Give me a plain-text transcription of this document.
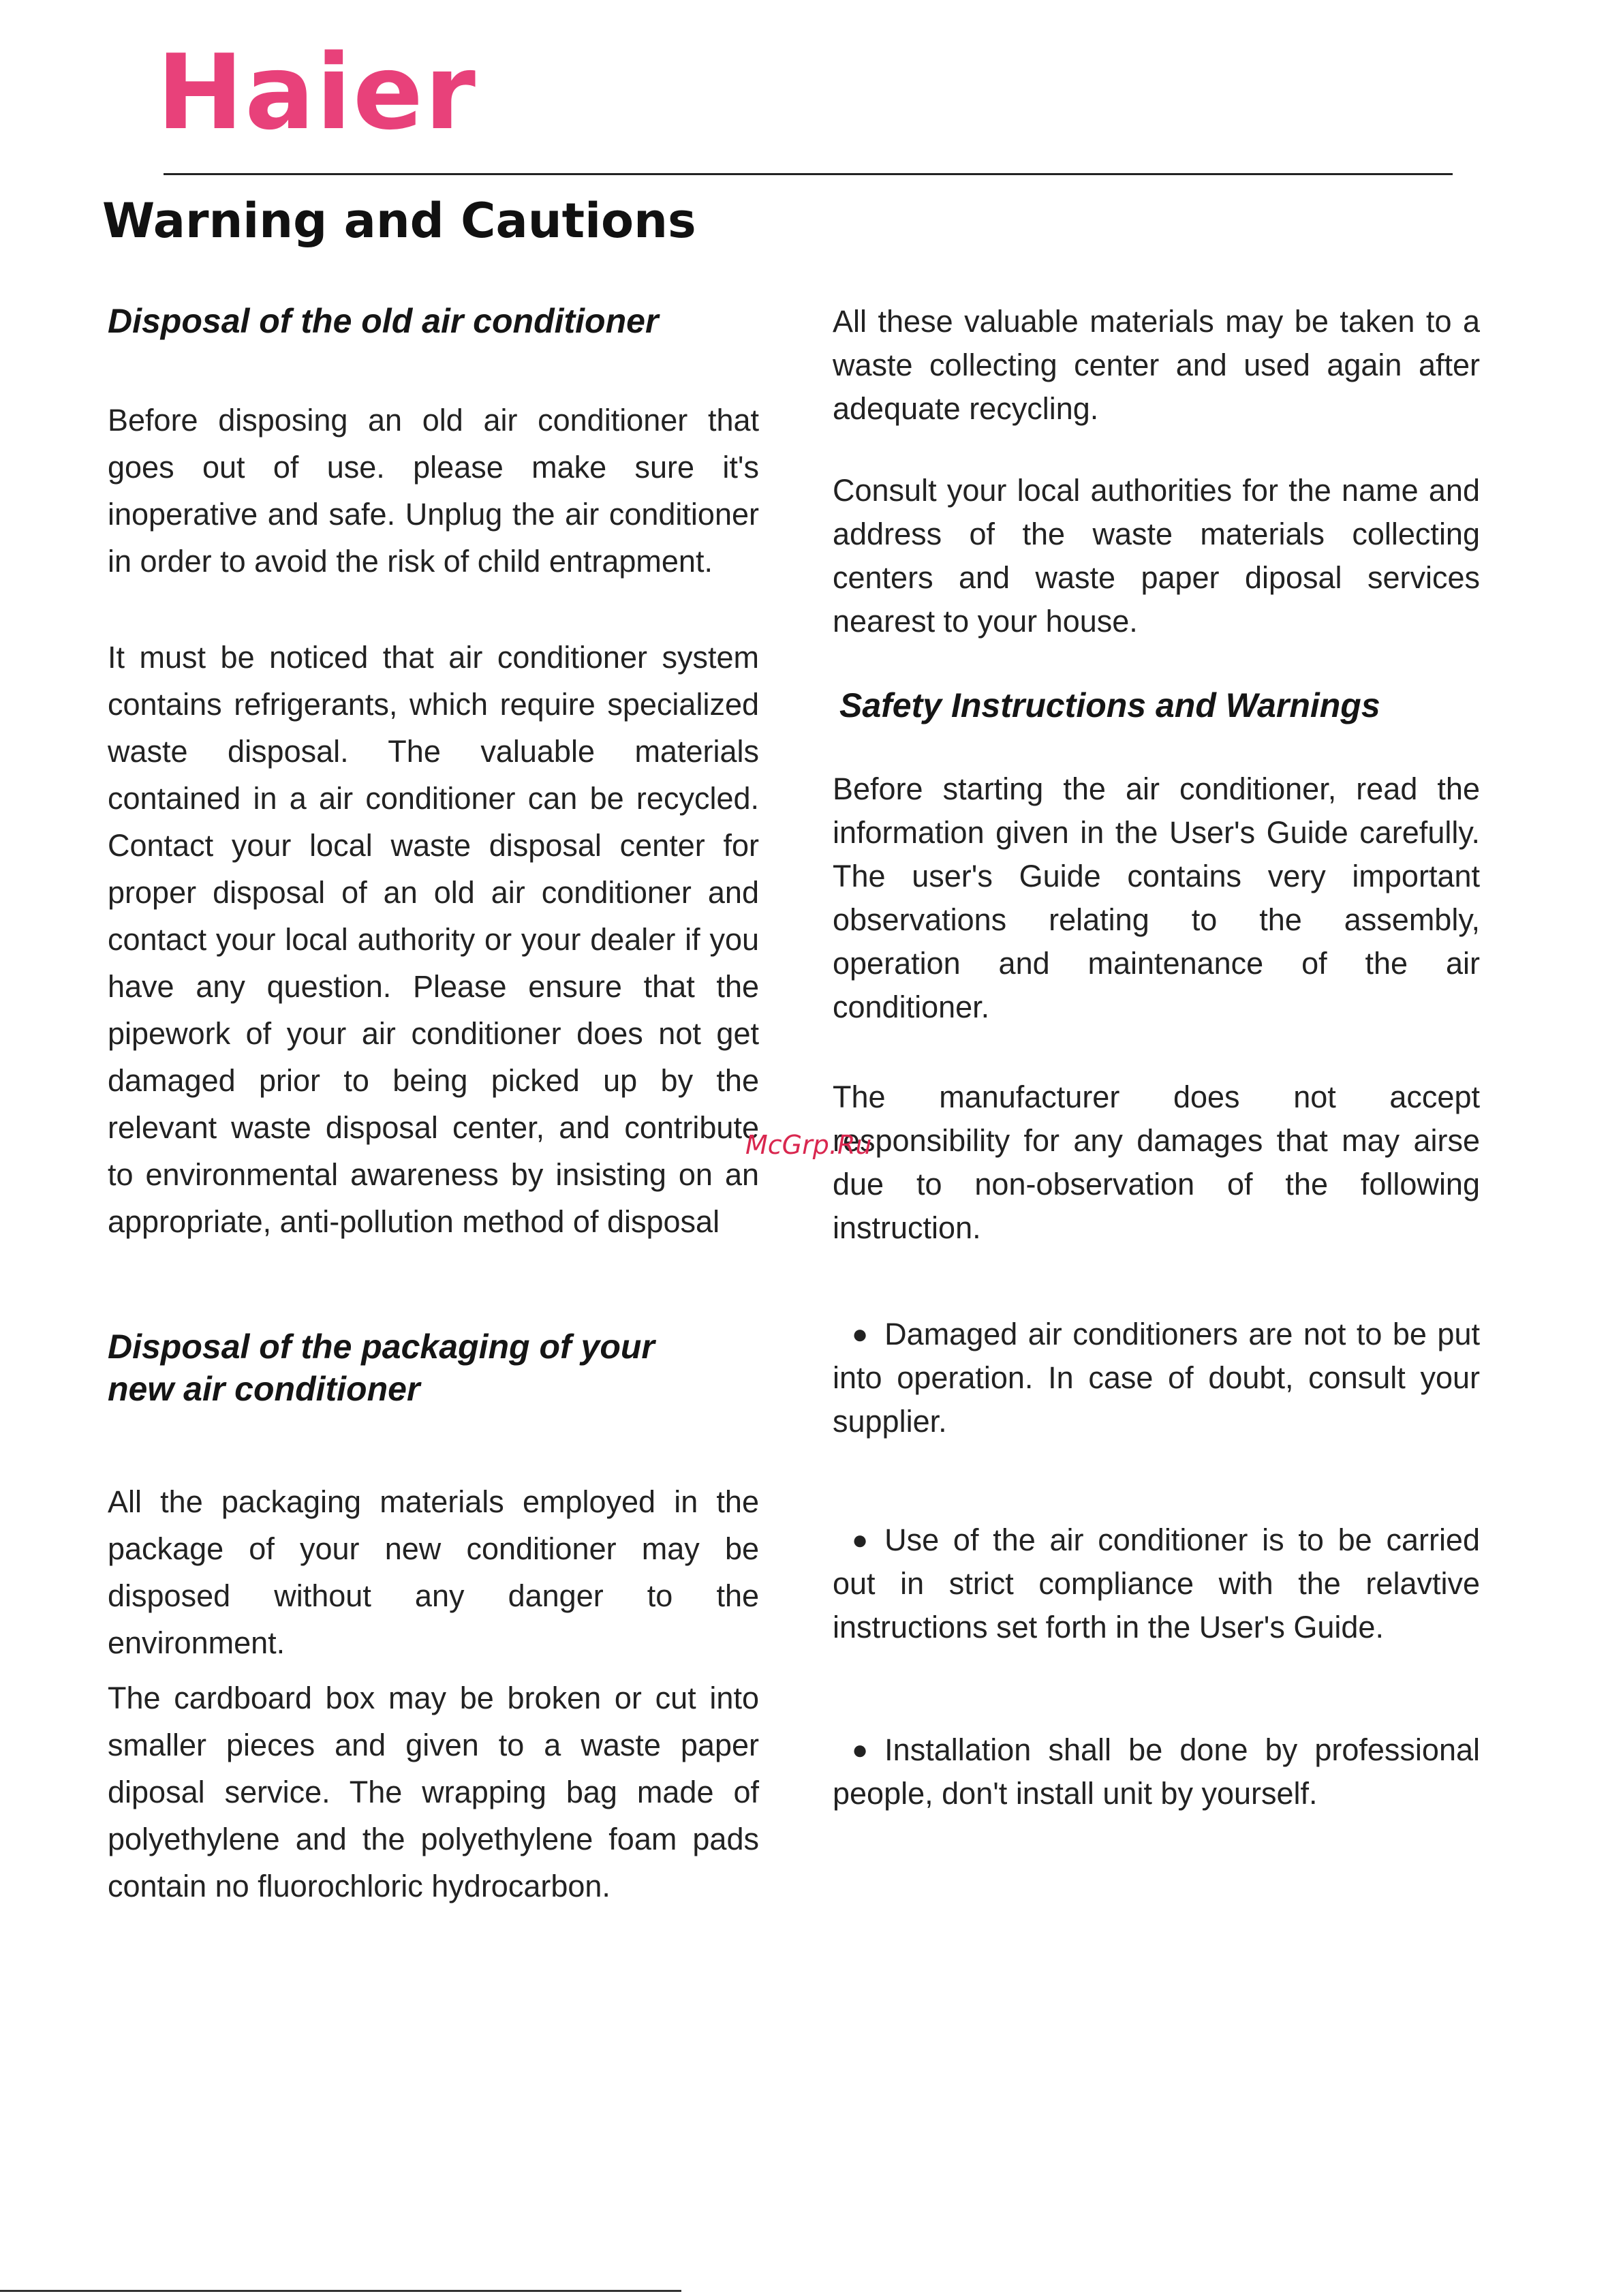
Haier
Warning and Cautions
Disposal of the old air conditioner

Before disposing an old air conditioner that goes out of use. please make sure it's inoperative and safe. Unplug the air conditioner in order to avoid the risk of child entrapment.

It must be noticed that air conditioner system contains refrigerants, which require specialized waste disposal. The valuable materials contained in a air conditioner can be recycled. Contact your local waste disposal center for proper disposal of an old air conditioner and contact your local authority or your dealer if you have any question. Please ensure that the pipework of your air conditioner does not get damaged prior to being picked up by the relevant waste disposal center, and contribute to environmental awareness by insisting on an appropriate, anti-pollution method of disposal

Disposal of the packaging of your
new air conditioner

All the packaging materials employed in the package of your new conditioner may be disposed without any danger to the environment.

The cardboard box may be broken or cut into smaller pieces and given to a waste paper diposal service. The wrapping bag made of polyethylene and the polyethylene foam pads contain no fluorochloric hydrocarbon.

All these valuable materials may be taken to a waste collecting center and used again after adequate recycling.

Consult your local authorities for the name and address of the waste materials collecting centers and waste paper diposal services nearest to your house.

Safety Instructions and Warnings

Before starting the air conditioner, read the information given in the User's Guide carefully. The user's Guide contains very important observations relating to the assembly, operation and maintenance of the air conditioner.

The manufacturer does not accept responsibility for any damages that may airse due to non-observation of the following instruction.

● Damaged air conditioners are not to be put into operation. In case of doubt, consult your supplier.

● Use of the air conditioner is to be carried out in strict compliance with the relavtive instructions set forth in the User's Guide.

● Installation shall be done by professional people, don't install unit by yourself.

McGrp.Ru
